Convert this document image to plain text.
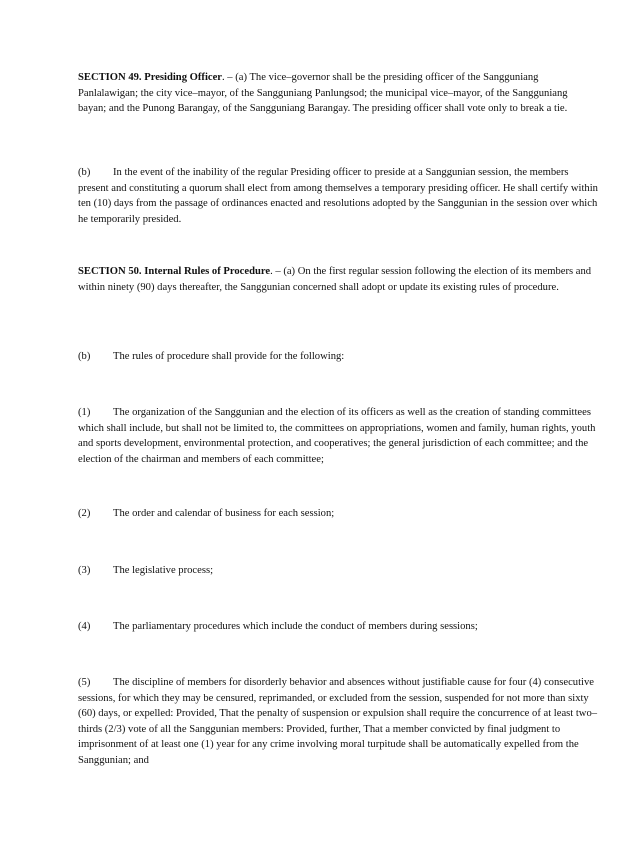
SECTION 49. Presiding Officer. – (a) The vice–governor shall be the presiding officer of the Sangguniang Panlalawigan; the city vice–mayor, of the Sangguniang Panlungsod; the municipal vice–mayor, of the Sangguniang bayan; and the Punong Barangay, of the Sangguniang Barangay. The presiding officer shall vote only to break a tie.

(b) In the event of the inability of the regular Presiding officer to preside at a Sanggunian session, the members present and constituting a quorum shall elect from among themselves a temporary presiding officer. He shall certify within ten (10) days from the passage of ordinances enacted and resolutions adopted by the Sanggunian in the session over which he temporarily presided.

SECTION 50. Internal Rules of Procedure. – (a) On the first regular session following the election of its members and within ninety (90) days thereafter, the Sanggunian concerned shall adopt or update its existing rules of procedure.

(b) The rules of procedure shall provide for the following:

(1) The organization of the Sanggunian and the election of its officers as well as the creation of standing committees which shall include, but shall not be limited to, the committees on appropriations, women and family, human rights, youth and sports development, environmental protection, and cooperatives; the general jurisdiction of each committee; and the election of the chairman and members of each committee;

(2) The order and calendar of business for each session;

(3) The legislative process;

(4) The parliamentary procedures which include the conduct of members during sessions;

(5) The discipline of members for disorderly behavior and absences without justifiable cause for four (4) consecutive sessions, for which they may be censured, reprimanded, or excluded from the session, suspended for not more than sixty (60) days, or expelled: Provided, That the penalty of suspension or expulsion shall require the concurrence of at least two–thirds (2/3) vote of all the Sanggunian members: Provided, further, That a member convicted by final judgment to imprisonment of at least one (1) year for any crime involving moral turpitude shall be automatically expelled from the Sanggunian; and
